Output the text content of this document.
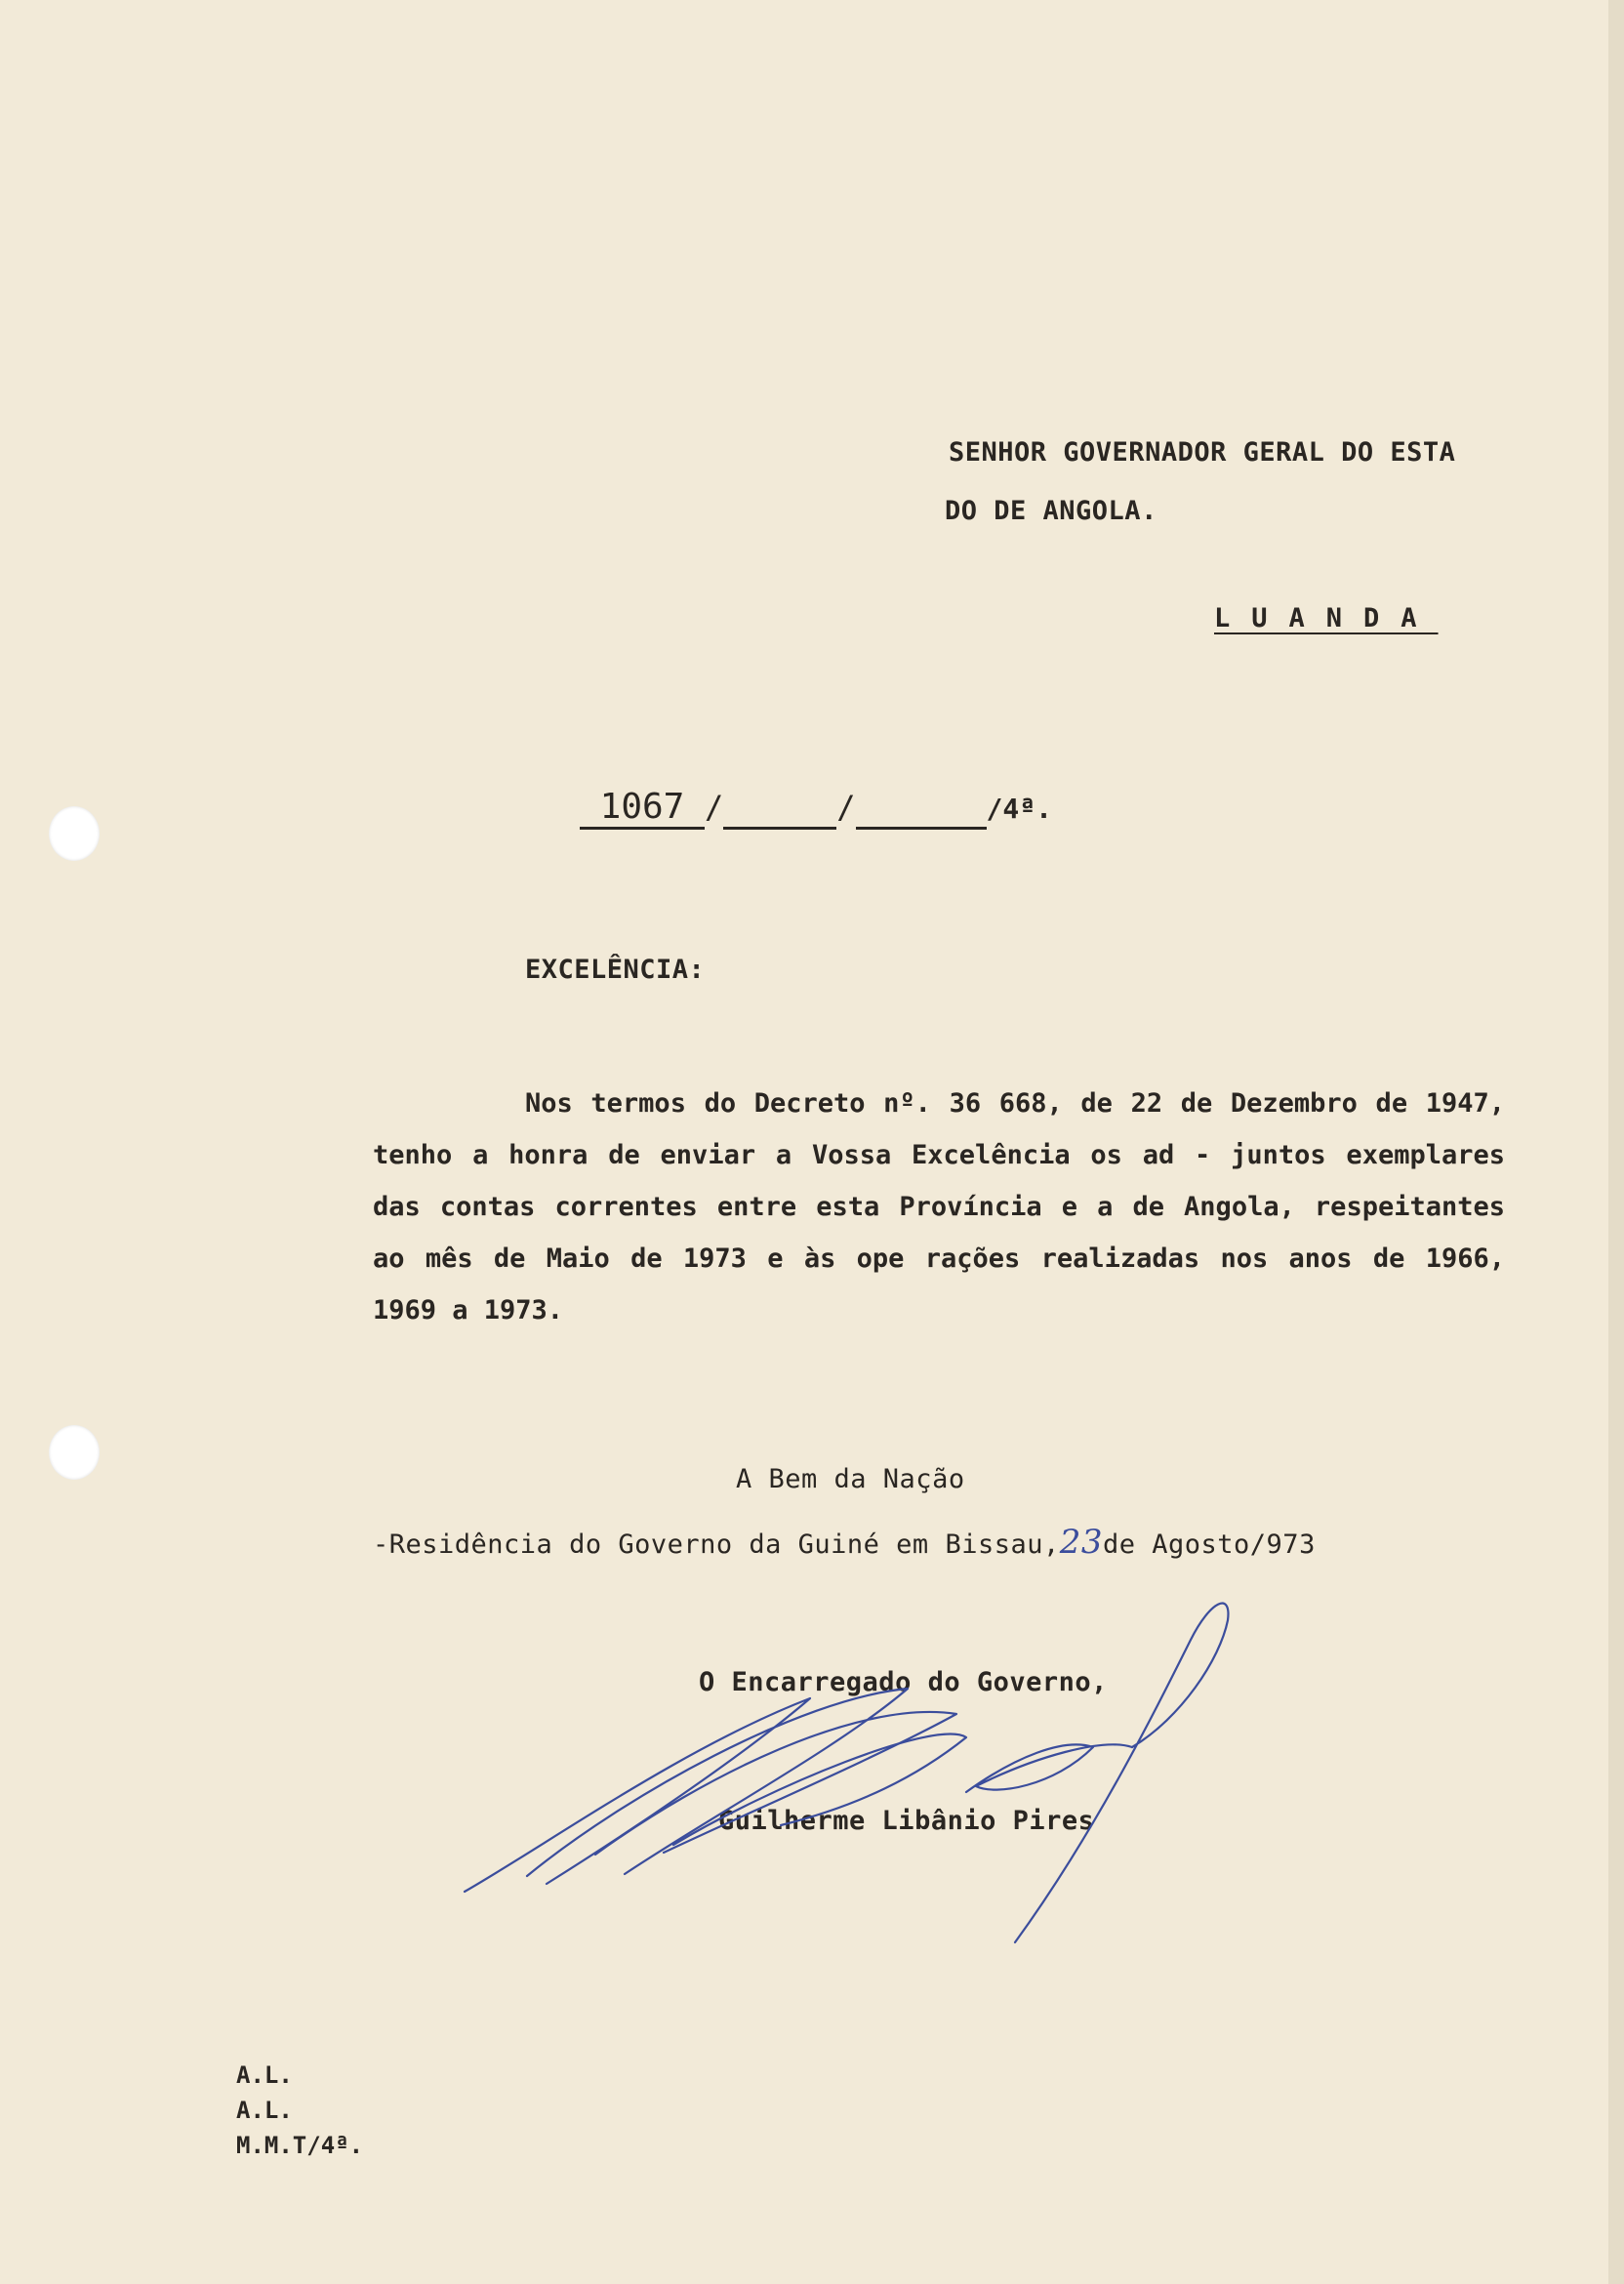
SENHOR GOVERNADOR GERAL DO ESTA
DO DE ANGOLA.
LUANDA
1067 /	/	/4ª.
EXCELÊNCIA:
Nos termos do Decreto nº. 36 668, de 22 de Dezembro de 1947, tenho a honra de enviar a Vossa Excelência os ad - juntos exemplares das contas correntes entre esta Província e a de Angola, respeitantes ao mês de Maio de 1973 e às ope rações realizadas nos anos de 1966, 1969 a 1973.
A Bem da Nação
-Residência do Governo da Guiné em Bissau,23de Agosto/973
O Encarregado do Governo,
Guilherme Libânio Pires
A.L.
A.L.
M.M.T/4ª.
